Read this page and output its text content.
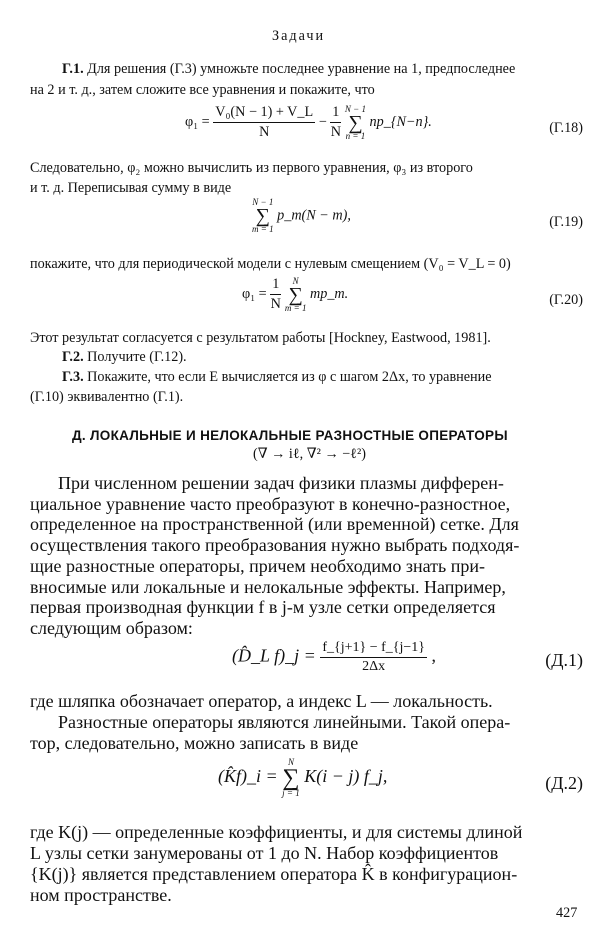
Задачи
Г.1. Для решения (Г.3) умножьте последнее уравнение на 1, предпоследнее
на 2 и т. д., затем сложите все уравнения и покажите, что
$\varphi_1 = \frac{\text{V₀(N − 1) + V\_L}}{N} - \frac{1}{N}$
N − 1
∑
n = 1
np_{N−n}.	(Г.18)
Следовательно, φ₂ можно вычислить из первого уравнения, φ₃ из второго
и т. д. Переписывая сумму в виде
N − 1
∑
m = 1
p_m(N − m),	(Г.19)
покажите, что для периодической модели с нулевым смещением (V₀ = V_L = 0)
$\varphi_1 = \frac{1}{N}$
	N
∑
m = 1
mp_m.	(Г.20)
Этот результат согласуется с результатом работы [Hockney, Eastwood, 1981].
Г.2. Получите (Г.12).
Г.3. Покажите, что если E вычисляется из φ с шагом 2Δx, то уравнение
(Г.10) эквивалентно (Г.1).
Д. ЛОКАЛЬНЫЕ И НЕЛОКАЛЬНЫЕ РАЗНОСТНЫЕ ОПЕРАТОРЫ
(∇ → iℓ, ∇² → −ℓ²)
При численном решении задач физики плазмы дифферен-
циальное уравнение часто преобразуют в конечно-разностное,
определенное на пространственной (или временной) сетке. Для
осуществления такого преобразования нужно выбрать подходя-
щие разностные операторы, причем необходимо знать при-
вносимые или локальные и нелокальные эффекты. Например,
первая производная функции f в j-м узле сетки определяется
следующим образом:
(D̂_L f)_j = $\frac{f\_\{j+1\} - f\_\{j-1\}}{2\Delta x}$ ,	(Д.1)
где шляпка обозначает оператор, а индекс L — локальность.
Разностные операторы являются линейными. Такой опера-
тор, следовательно, можно записать в виде
(K̂f)_i =
N
∑
j = 1
K(i − j) f_j,	(Д.2)
где K(j) — определенные коэффициенты, и для системы длиной
L узлы сетки занумерованы от 1 до N. Набор коэффициентов
{K(j)} является представлением оператора K̂ в конфигурацион-
ном пространстве.
427
